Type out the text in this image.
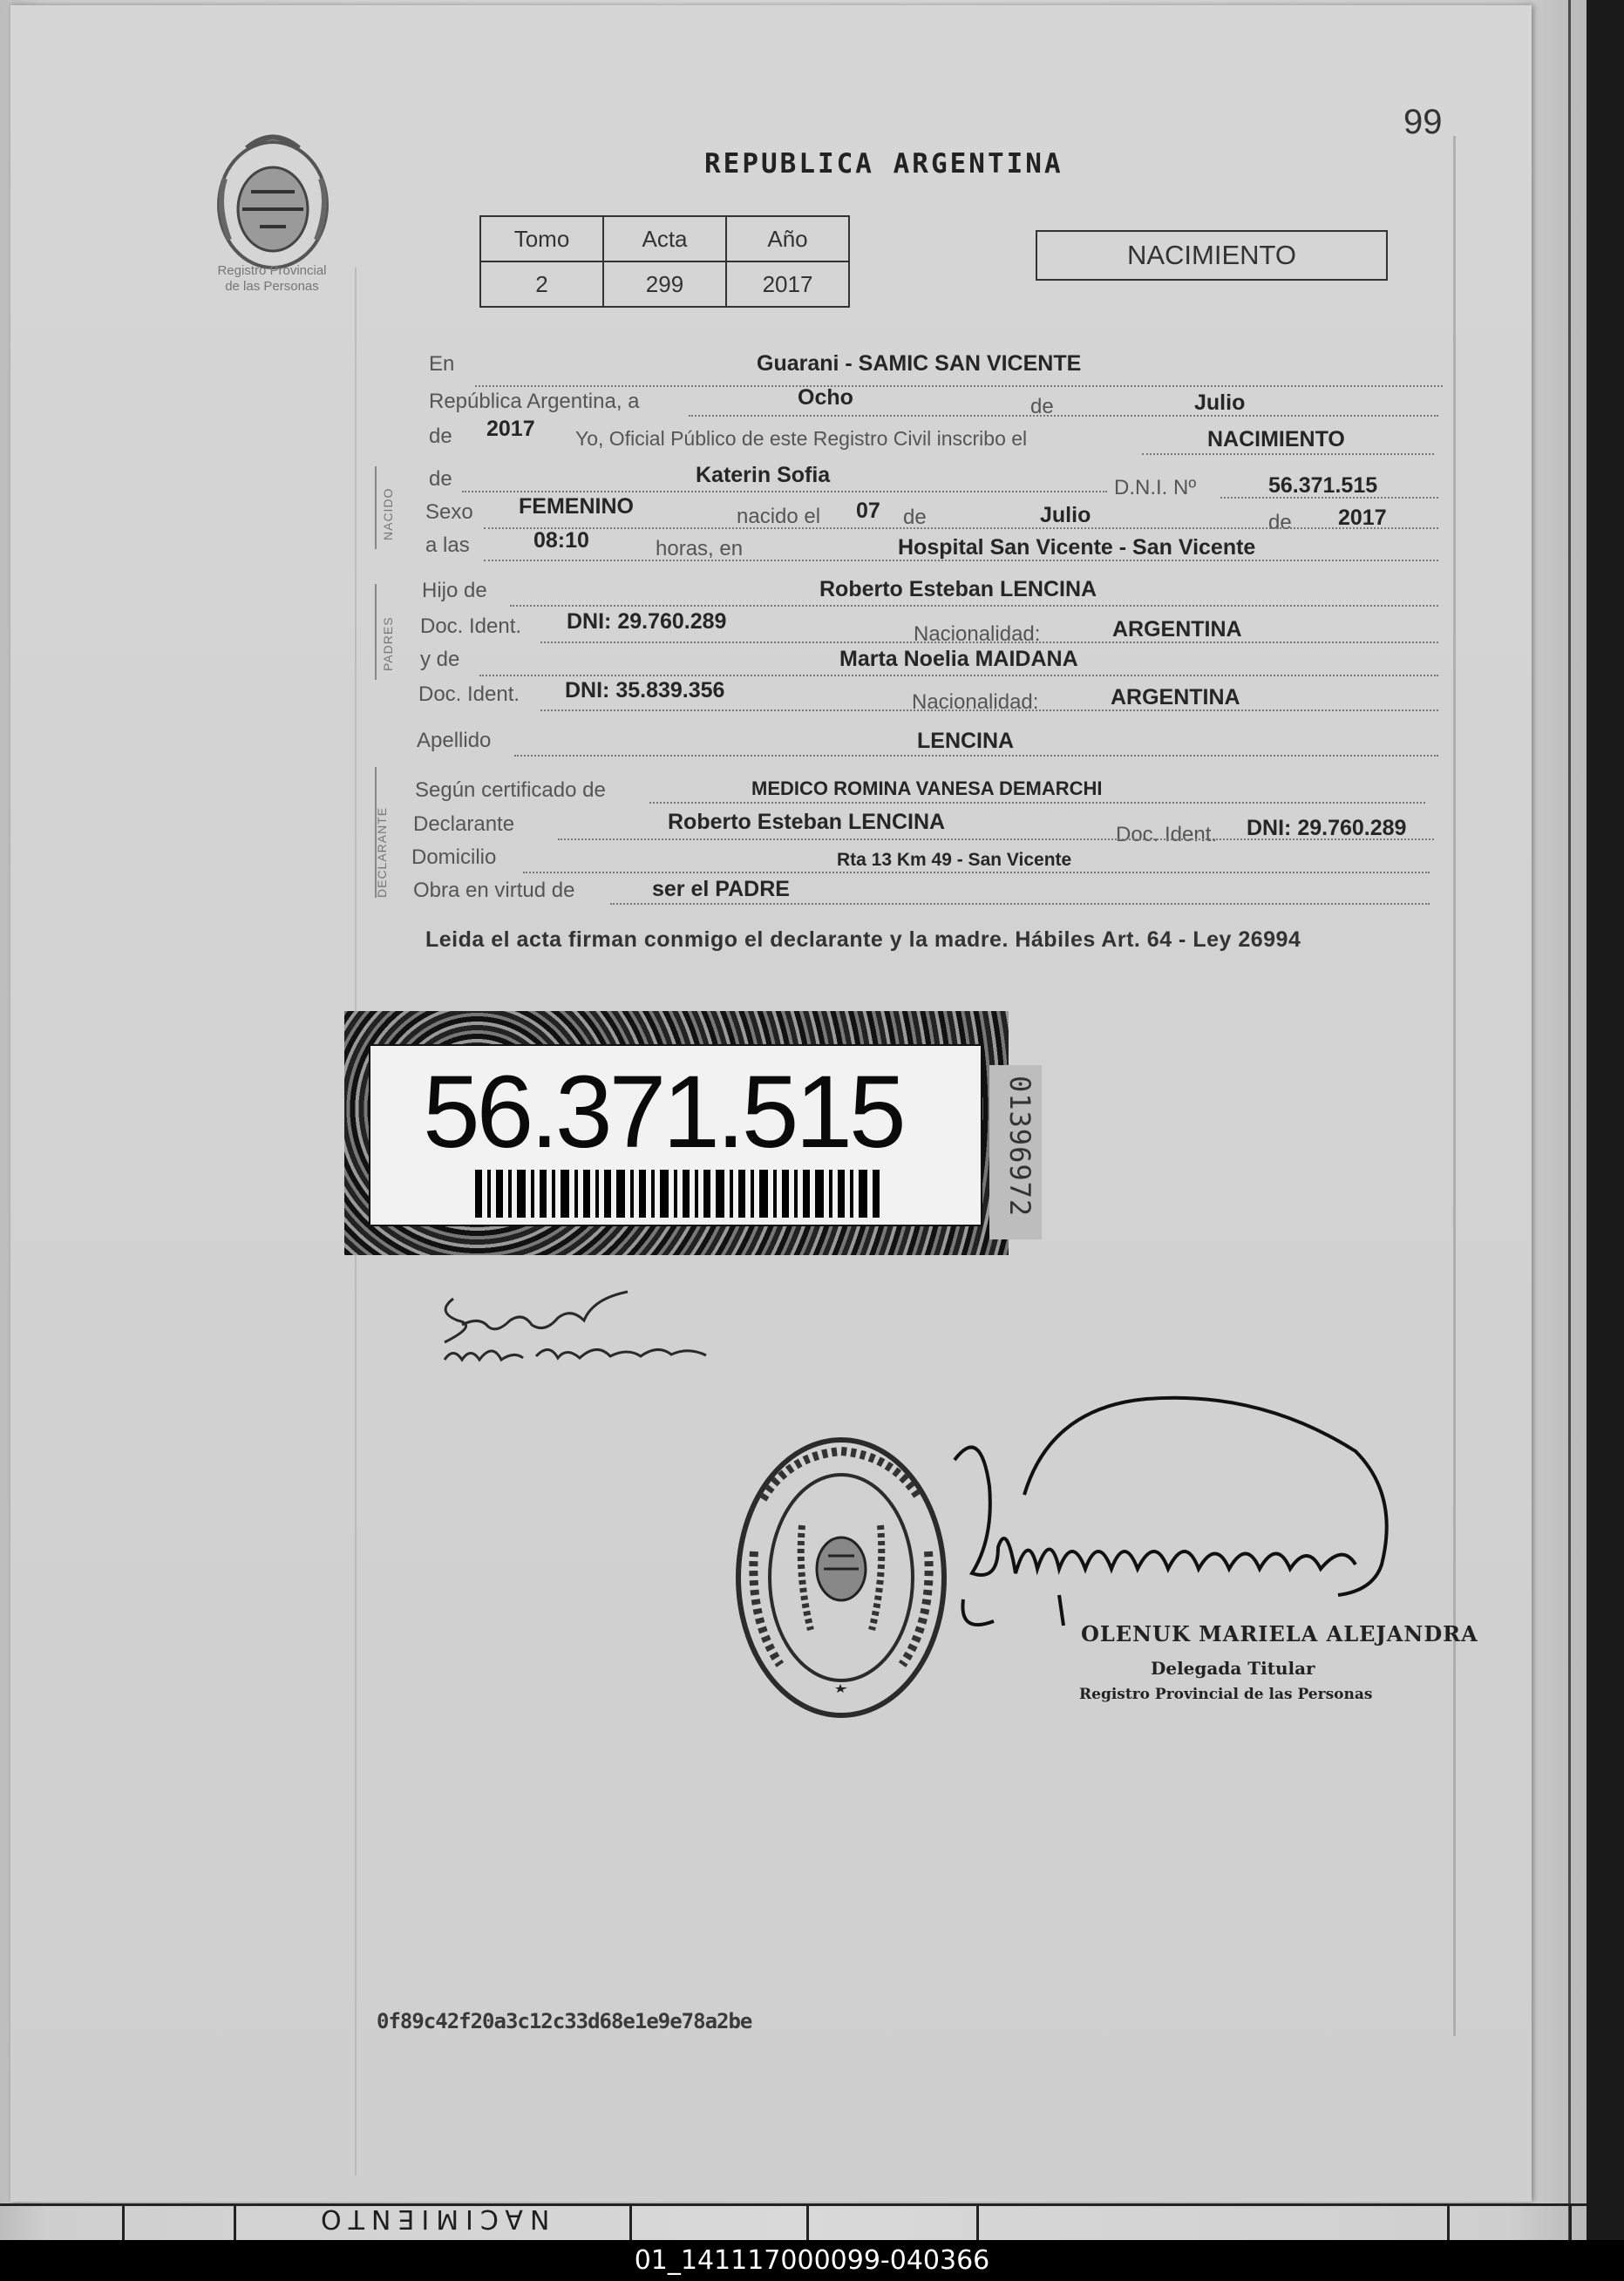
99
Registro Provincial
de las Personas
REPUBLICA ARGENTINA
Tomo	Acta	Año
2	299	2017
NACIMIENTO
NACIDO
PADRES
DECLARANTE
En	Guarani - SAMIC SAN VICENTE
República Argentina, a	Ocho	de	Julio
de 2017 Yo, Oficial Público de este Registro Civil inscribo el	NACIMIENTO
de	Katerin Sofia
D.N.I. Nº	56.371.515
Sexo FEMENINO	nacido el 07 de	Julio	de 2017
a las	08:10	horas, en	Hospital San Vicente - San Vicente
Hijo de	Roberto Esteban LENCINA
Doc. Ident. DNI: 29.760.289
Nacionalidad:	ARGENTINA
y de	Marta Noelia MAIDANA
Doc. Ident. DNI: 35.839.356	Nacionalidad:	ARGENTINA
Apellido	LENCINA
Según certificado de	MEDICO ROMINA VANESA DEMARCHI
Declarante	Roberto Esteban LENCINA
Doc. Ident. DNI: 29.760.289
Domicilio	Rta 13 Km 49 - San Vicente
Obra en virtud de	ser el PADRE
Leida el acta firman conmigo el declarante y la madre. Hábiles Art. 64 - Ley 26994
56.371.515	01396972
OLENUK MARIELA ALEJANDRA
Delegada Titular
Registro Provincial de las Personas
0f89c42f20a3c12c33d68e1e9e78a2be
NACIMIENTO
01_141117000099-040366
